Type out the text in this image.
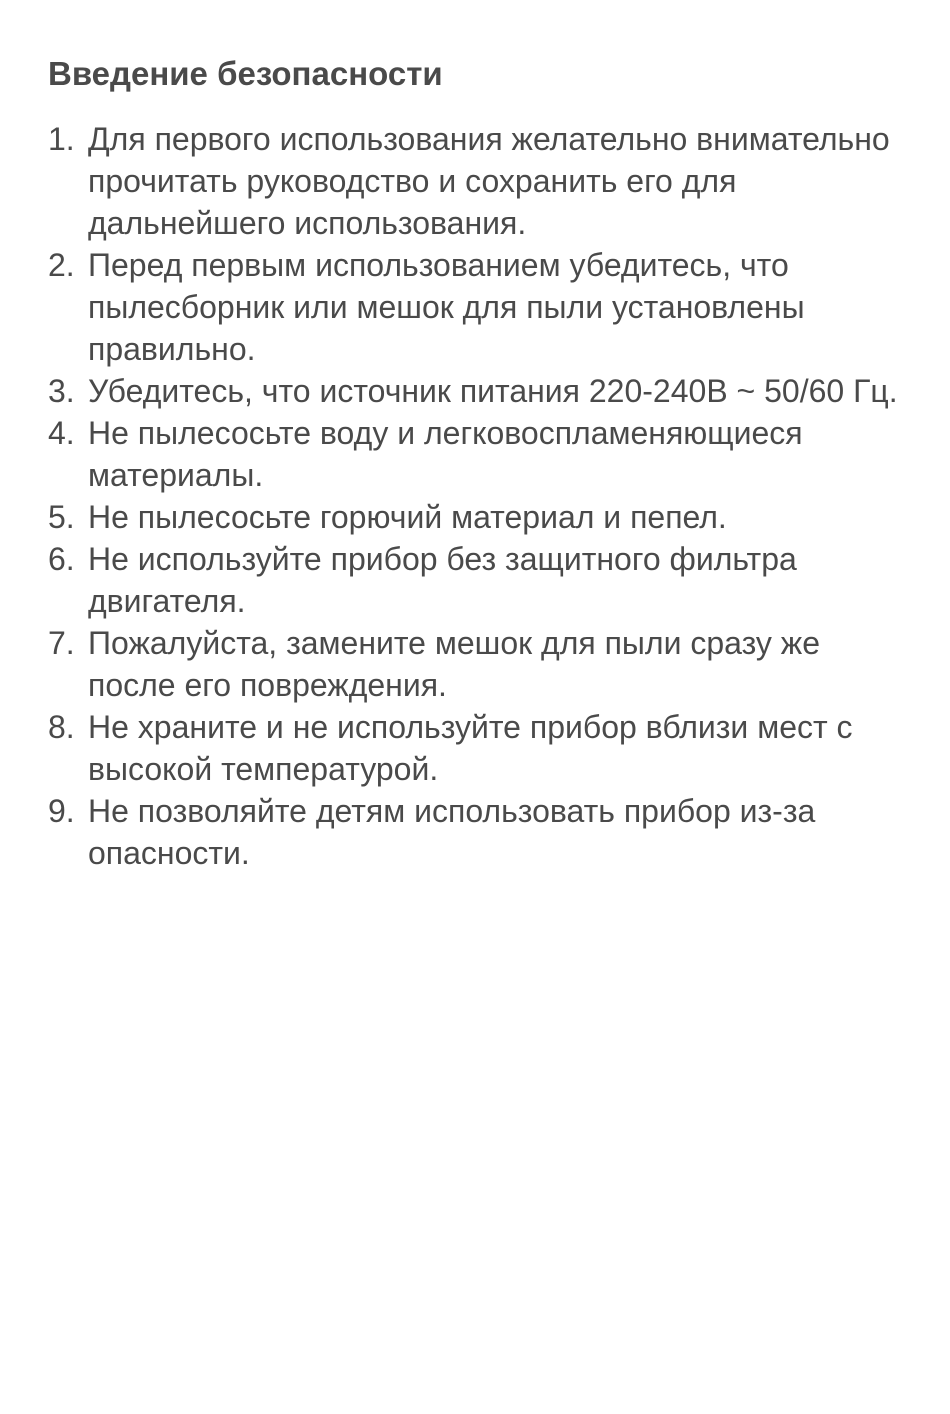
Введение безопасности
1. Для первого использования желательно внимательно прочитать руководство и сохранить его для дальнейшего использования.
2. Перед первым использованием убедитесь, что пылесборник или мешок для пыли установлены правильно.
3. Убедитесь, что источник питания 220-240В ~ 50/60 Гц.
4. Не пылесосьте воду и легковоспламеняющиеся материалы.
5. Не пылесосьте горючий материал и пепел.
6. Не используйте прибор без защитного фильтра двигателя.
7. Пожалуйста, замените мешок для пыли сразу же после его повреждения.
8. Не храните и не используйте прибор вблизи мест с высокой температурой.
9. Не позволяйте детям использовать прибор из-за опасности.
